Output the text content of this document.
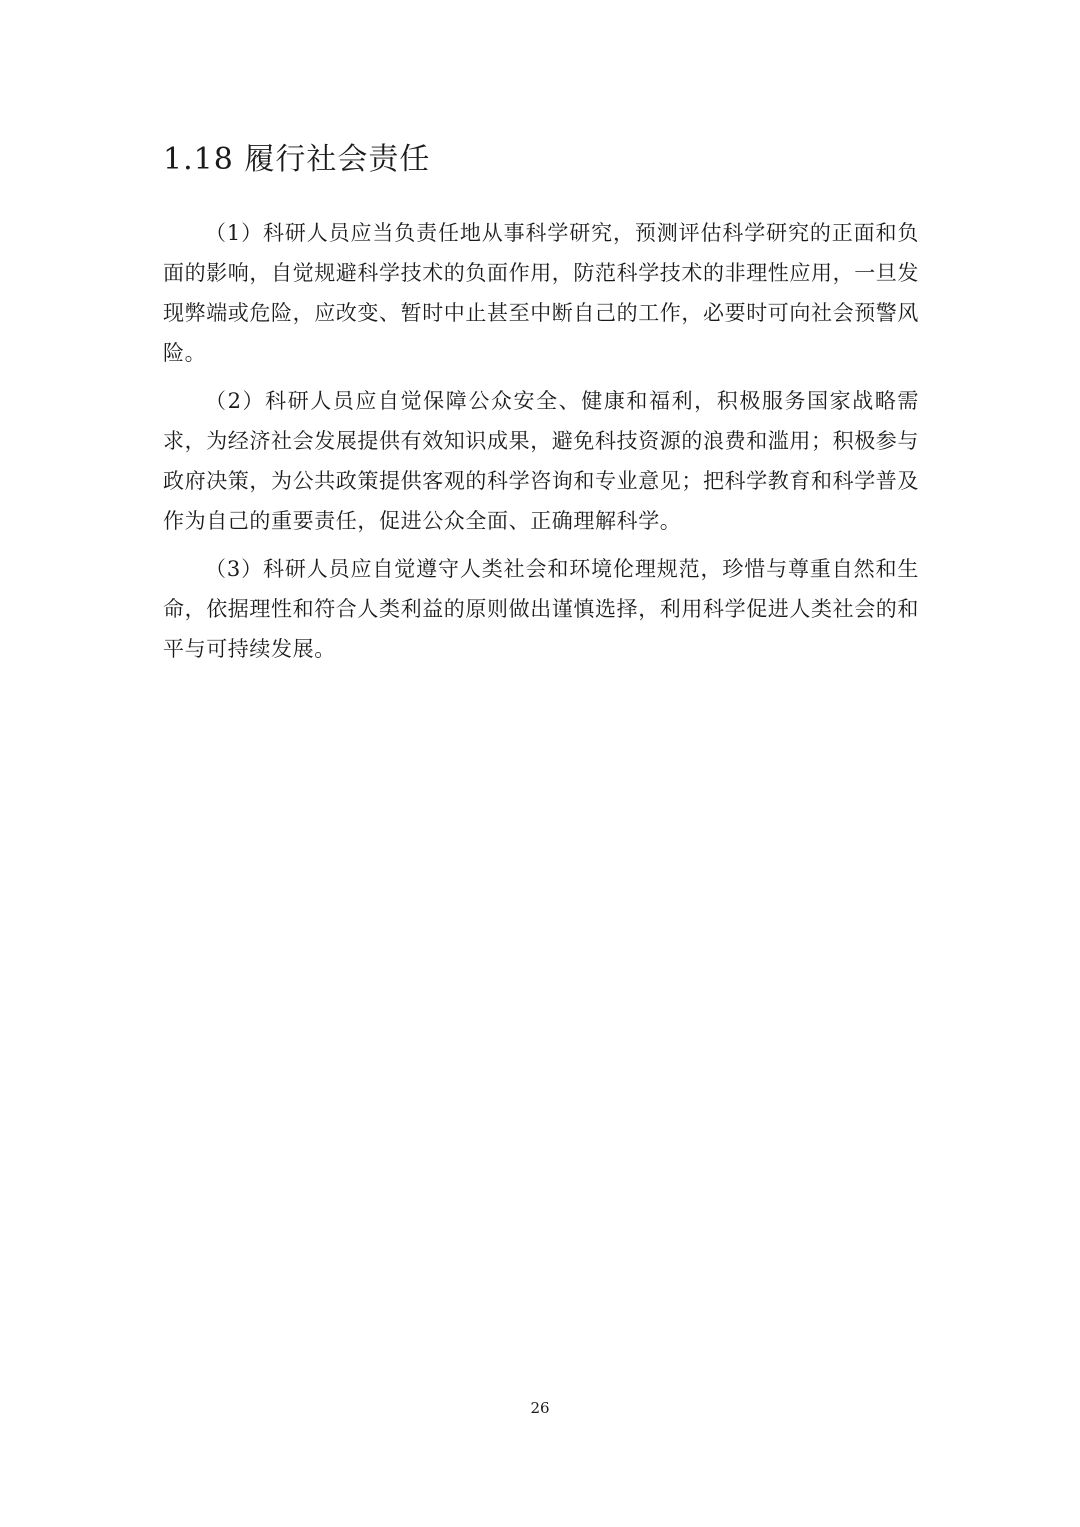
1.18 履行社会责任

（1）科研人员应当负责任地从事科学研究，预测评估科学研究的正面和负面的影响，自觉规避科学技术的负面作用，防范科学技术的非理性应用，一旦发现弊端或危险，应改变、暂时中止甚至中断自己的工作，必要时可向社会预警风险。

（2）科研人员应自觉保障公众安全、健康和福利，积极服务国家战略需求，为经济社会发展提供有效知识成果，避免科技资源的浪费和滥用；积极参与政府决策，为公共政策提供客观的科学咨询和专业意见；把科学教育和科学普及作为自己的重要责任，促进公众全面、正确理解科学。

（3）科研人员应自觉遵守人类社会和环境伦理规范，珍惜与尊重自然和生命，依据理性和符合人类利益的原则做出谨慎选择，利用科学促进人类社会的和平与可持续发展。

26
